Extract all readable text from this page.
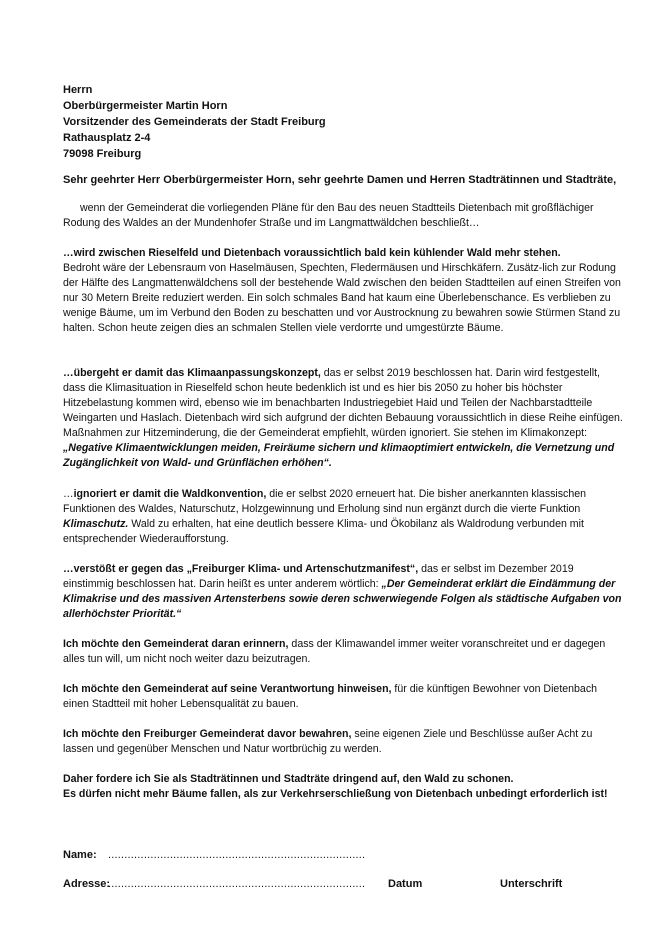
Herrn
Oberbürgermeister Martin Horn
Vorsitzender des Gemeinderats der Stadt Freiburg
Rathausplatz 2-4
79098 Freiburg
Sehr geehrter Herr Oberbürgermeister Horn, sehr geehrte Damen und Herren Stadträtinnen und Stadträte,

wenn der Gemeinderat die vorliegenden Pläne für den Bau des neuen Stadtteils Dietenbach mit großflächiger Rodung des Waldes an der Mundenhofer Straße und im Langmattwäldchen beschließt…

…wird zwischen Rieselfeld und Dietenbach voraussichtlich bald kein kühlender Wald mehr stehen.
Bedroht wäre der Lebensraum von Haselmäusen, Spechten, Fledermäusen und Hirschkäfern. Zusätz-lich zur Rodung der Hälfte des Langmattenwäldchens soll der bestehende Wald zwischen den beiden Stadtteilen auf einen Streifen von nur 30 Metern Breite reduziert werden. Ein solch schmales Band hat kaum eine Überlebenschance. Es verblieben zu wenige Bäume, um im Verbund den Boden zu beschatten und vor Austrocknung zu bewahren sowie Stürmen Stand zu halten. Schon heute zeigen dies an schmalen Stellen viele verdorrte und umgestürzte Bäume.

…übergeht er damit das Klimaanpassungskonzept, das er selbst 2019 beschlossen hat. Darin wird festgestellt, dass die Klimasituation in Rieselfeld schon heute bedenklich ist und es hier bis 2050 zu hoher bis höchster Hitzebelastung kommen wird, ebenso wie im benachbarten Industriegebiet Haid und Teilen der Nachbarstadtteile Weingarten und Haslach. Dietenbach wird sich aufgrund der dichten Bebauung voraussichtlich in diese Reihe einfügen. Maßnahmen zur Hitzeminderung, die der Gemeinderat empfiehlt, würden ignoriert. Sie stehen im Klimakonzept: „Negative Klimaentwicklungen meiden, Freiräume sichern und klimaoptimiert entwickeln, die Vernetzung und Zugänglichkeit von Wald- und Grünflächen erhöhen“.

…ignoriert er damit die Waldkonvention, die er selbst 2020 erneuert hat. Die bisher anerkannten klassischen Funktionen des Waldes, Naturschutz, Holzgewinnung und Erholung sind nun ergänzt durch die vierte Funktion Klimaschutz. Wald zu erhalten, hat eine deutlich bessere Klima- und Ökobilanz als Waldrodung verbunden mit entsprechender Wiederaufforstung.

…verstößt er gegen das „Freiburger Klima- und Artenschutzmanifest“, das er selbst im Dezember 2019 einstimmig beschlossen hat. Darin heißt es unter anderem wörtlich: „Der Gemeinderat erklärt die Eindämmung der Klimakrise und des massiven Artensterbens sowie deren schwerwiegende Folgen als städtische Aufgaben von allerhöchster Priorität.“

Ich möchte den Gemeinderat daran erinnern, dass der Klimawandel immer weiter voranschreitet und er dagegen alles tun will, um nicht noch weiter dazu beizutragen.

Ich möchte den Gemeinderat auf seine Verantwortung hinweisen, für die künftigen Bewohner von Dietenbach einen Stadtteil mit hoher Lebensqualität zu bauen.

Ich möchte den Freiburger Gemeinderat davor bewahren, seine eigenen Ziele und Beschlüsse außer Acht zu lassen und gegenüber Menschen und Natur wortbrüchig zu werden.

Daher fordere ich Sie als Stadträtinnen und Stadträte dringend auf, den Wald zu schonen.
Es dürfen nicht mehr Bäume fallen, als zur Verkehrserschließung von Dietenbach unbedingt erforderlich ist!

Name: ...............................................................................
Adresse:
............................................................................... Datum	Unterschrift
